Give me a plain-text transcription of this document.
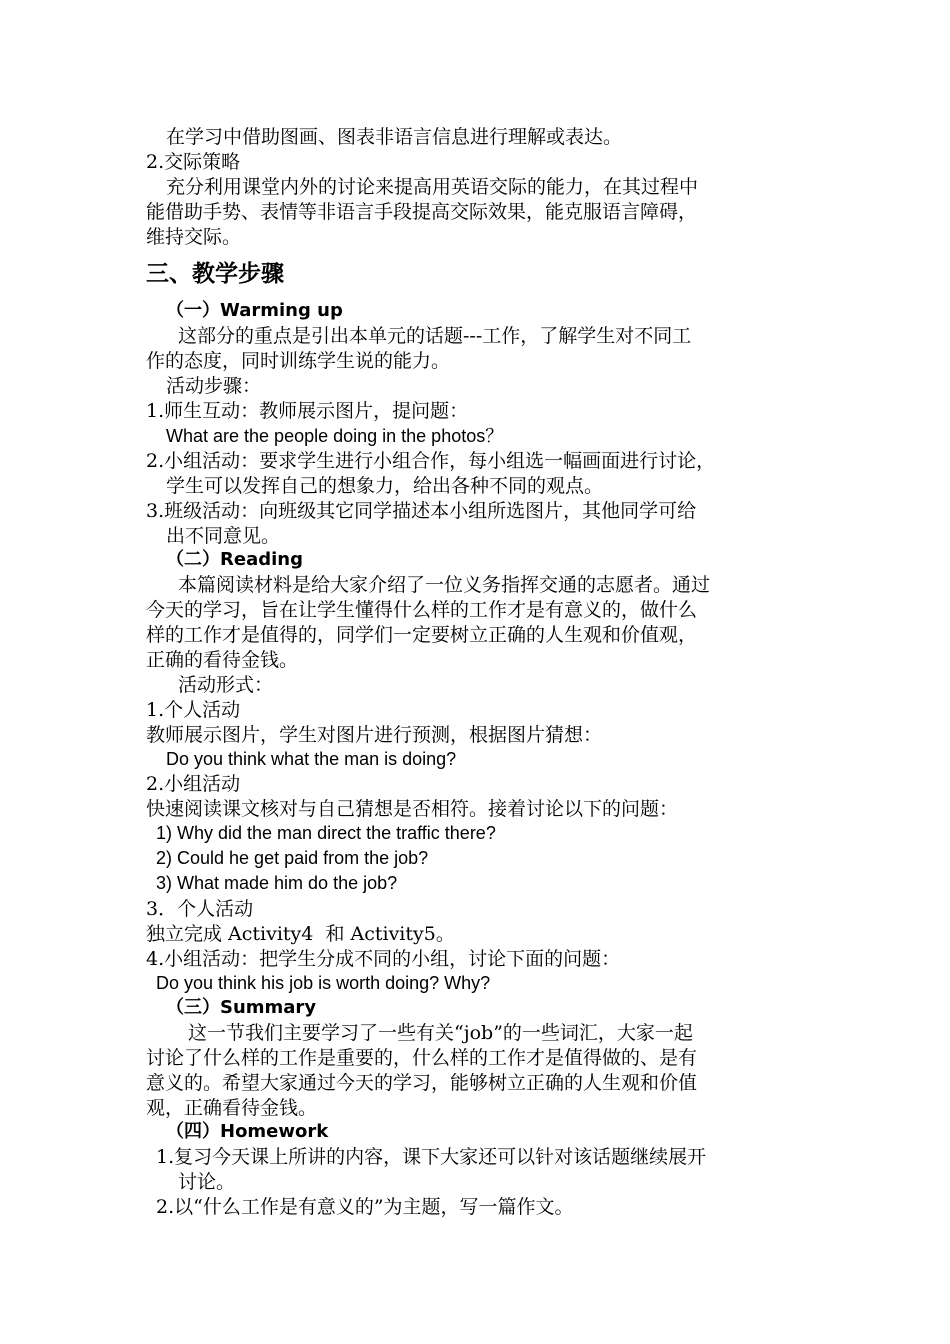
在学习中借助图画、图表非语言信息进行理解或表达。
2.交际策略
充分利用课堂内外的讨论来提高用英语交际的能力，在其过程中
能借助手势、表情等非语言手段提高交际效果，能克服语言障碍，
维持交际。
三、教学步骤
（一）Warming up
这部分的重点是引出本单元的话题---工作，了解学生对不同工
作的态度，同时训练学生说的能力。
活动步骤：
1.师生互动：教师展示图片，提问题：
What are the people doing in the photos？
2.小组活动：要求学生进行小组合作，每小组选一幅画面进行讨论，
学生可以发挥自己的想象力，给出各种不同的观点。
3.班级活动：向班级其它同学描述本小组所选图片，其他同学可给
出不同意见。
（二）Reading
本篇阅读材料是给大家介绍了一位义务指挥交通的志愿者。通过
今天的学习，旨在让学生懂得什么样的工作才是有意义的，做什么
样的工作才是值得的，同学们一定要树立正确的人生观和价值观，
正确的看待金钱。
活动形式：
1.个人活动
教师展示图片，学生对图片进行预测，根据图片猜想：
Do you think what the man is doing?
2.小组活动
快速阅读课文核对与自己猜想是否相符。接着讨论以下的问题：
1) Why did the man direct the traffic there?
2) Could he get paid from the job?
3) What made him do the job?
3．个人活动
独立完成 Activity4  和 Activity5。
4.小组活动：把学生分成不同的小组，讨论下面的问题：
Do you think his job is worth doing? Why?
（三）Summary
这一节我们主要学习了一些有关“job”的一些词汇，大家一起
讨论了什么样的工作是重要的，什么样的工作才是值得做的、是有
意义的。希望大家通过今天的学习，能够树立正确的人生观和价值
观，正确看待金钱。
（四）Homework
1.复习今天课上所讲的内容，课下大家还可以针对该话题继续展开
讨论。
2.以“什么工作是有意义的”为主题，写一篇作文。
